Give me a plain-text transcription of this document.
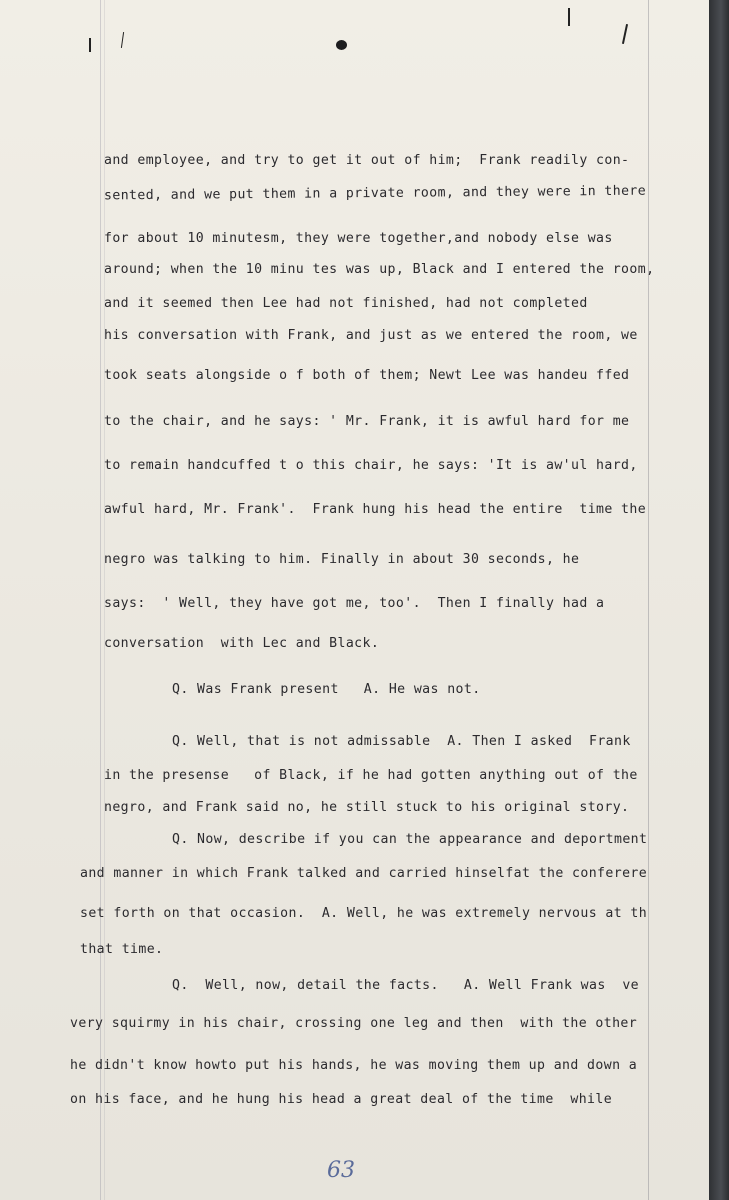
and employee, and try to get it out of him;  Frank readily con-
sented, and we put them in a private room, and they were in there
for about 10 minutesm, they were together,and nobody else was
around; when the 10 minu tes was up, Black and I entered the room,
and it seemed then Lee had not finished, had not completed
his conversation with Frank, and just as we entered the room, we
took seats alongside o f both of them; Newt Lee was handeu ffed
to the chair, and he says: ' Mr. Frank, it is awful hard for me
to remain handcuffed t o this chair, he says: 'It is aw'ul hard,
awful hard, Mr. Frank'.  Frank hung his head the entire  time the
negro was talking to him. Finally in about 30 seconds, he
says:  ' Well, they have got me, too'.  Then I finally had a
conversation  with Lec and Black.
Q. Was Frank present   A. He was not.
Q. Well, that is not admissable  A. Then I asked  Frank
in the presense   of Black, if he had gotten anything out of the
negro, and Frank said no, he still stuck to his original story.
Q. Now, describe if you can the appearance and deportment
and manner in which Frank talked and carried hinselfat the conferere
set forth on that occasion.  A. Well, he was extremely nervous at th
that time.
Q.  Well, now, detail the facts.   A. Well Frank was  ve
very squirmy in his chair, crossing one leg and then  with the other
he didn't know howto put his hands, he was moving them up and down a
on his face, and he hung his head a great deal of the time  while
63
